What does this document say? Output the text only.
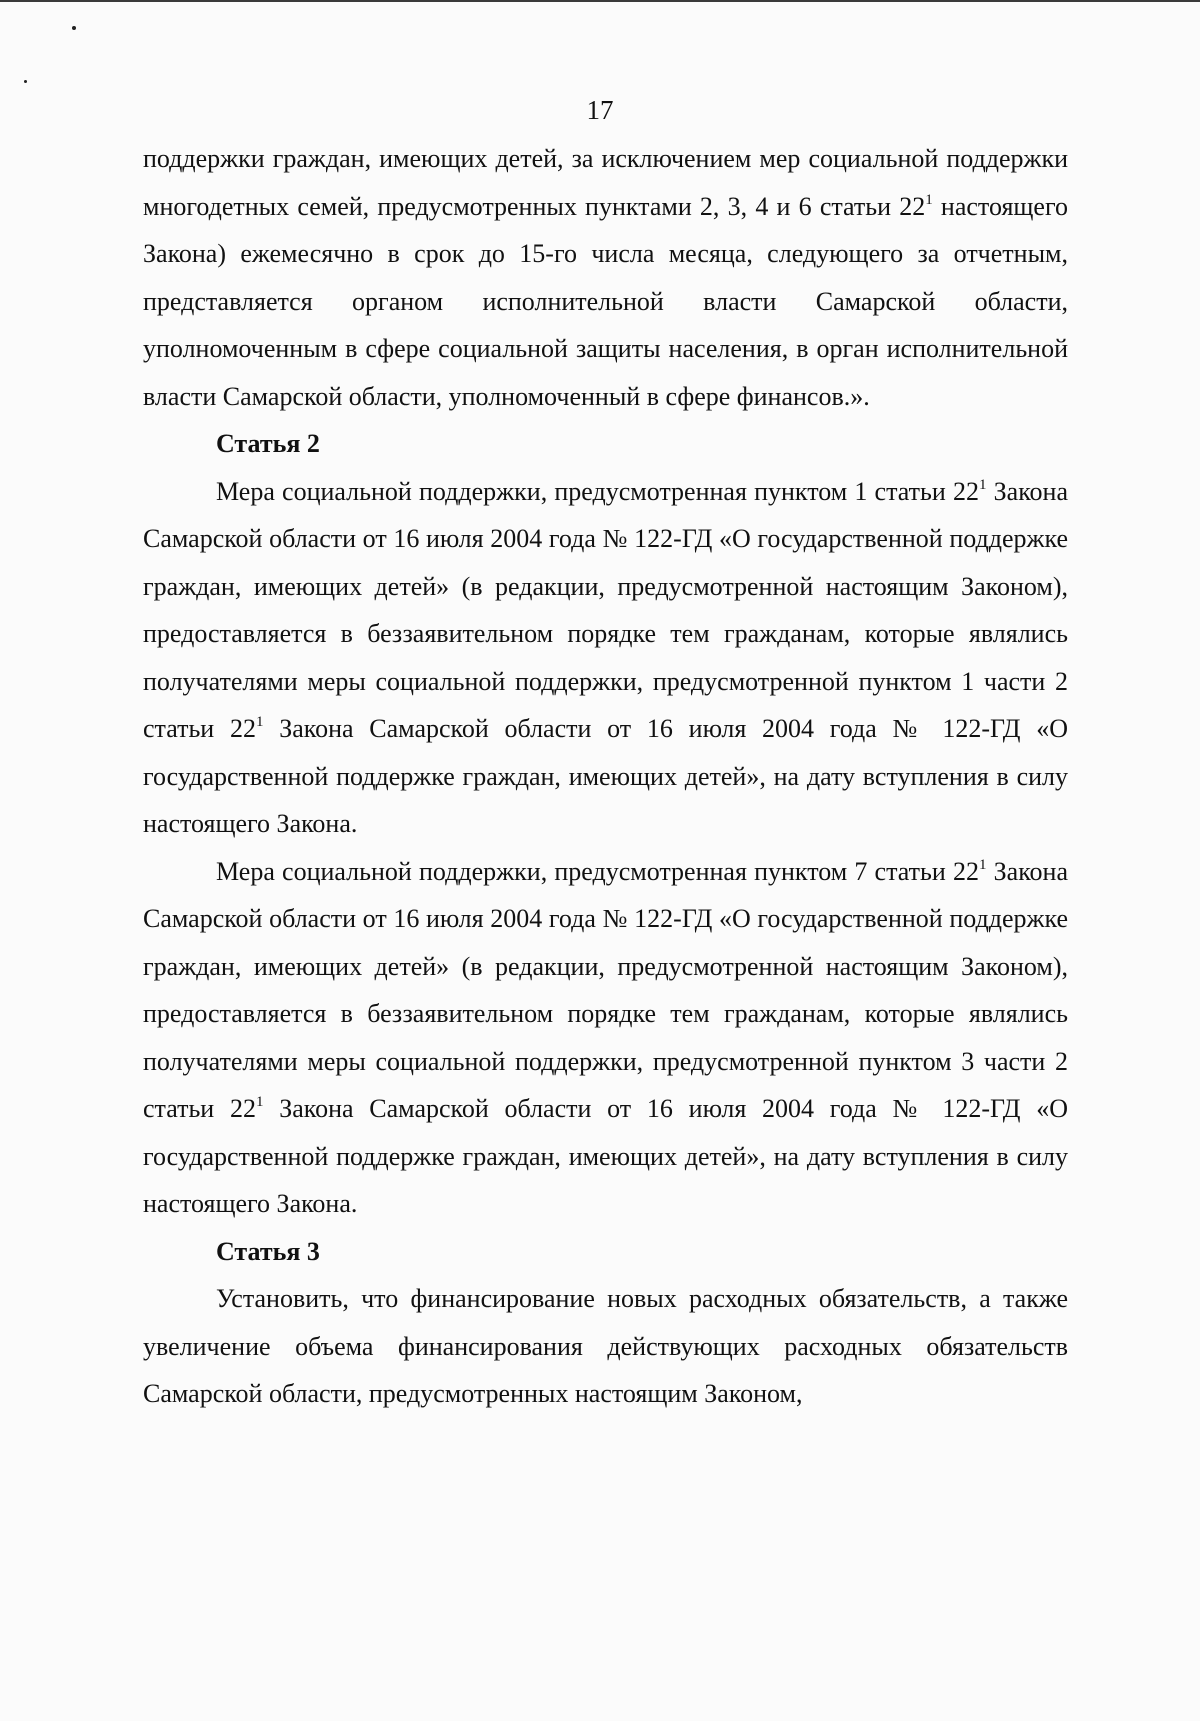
17

поддержки граждан, имеющих детей, за исключением мер социальной поддержки многодетных семей, предусмотренных пунктами 2, 3, 4 и 6 статьи $22^1$ настоящего Закона) ежемесячно в срок до 15-го числа месяца, следующего за отчетным, представляется органом исполнительной власти Самарской области, уполномоченным в сфере социальной защиты населения, в орган исполнительной власти Самарской области, уполномоченный в сфере финансов.».

Статья 2

Мера социальной поддержки, предусмотренная пунктом 1 статьи $22^1$ Закона Самарской области от 16 июля 2004 года № 122-ГД «О государственной поддержке граждан, имеющих детей» (в редакции, предусмотренной настоящим Законом), предоставляется в беззаявительном порядке тем гражданам, которые являлись получателями меры социальной поддержки, предусмотренной пунктом 1 части 2 статьи $22^1$ Закона Самарской области от 16 июля 2004 года № 122-ГД «О государственной поддержке граждан, имеющих детей», на дату вступления в силу настоящего Закона.

Мера социальной поддержки, предусмотренная пунктом 7 статьи $22^1$ Закона Самарской области от 16 июля 2004 года № 122-ГД «О государственной поддержке граждан, имеющих детей» (в редакции, предусмотренной настоящим Законом), предоставляется в беззаявительном порядке тем гражданам, которые являлись получателями меры социальной поддержки, предусмотренной пунктом 3 части 2 статьи $22^1$ Закона Самарской области от 16 июля 2004 года № 122-ГД «О государственной поддержке граждан, имеющих детей», на дату вступления в силу настоящего Закона.

Статья 3

Установить, что финансирование новых расходных обязательств, а также увеличение объема финансирования действующих расходных обязательств Самарской области, предусмотренных настоящим Законом,
